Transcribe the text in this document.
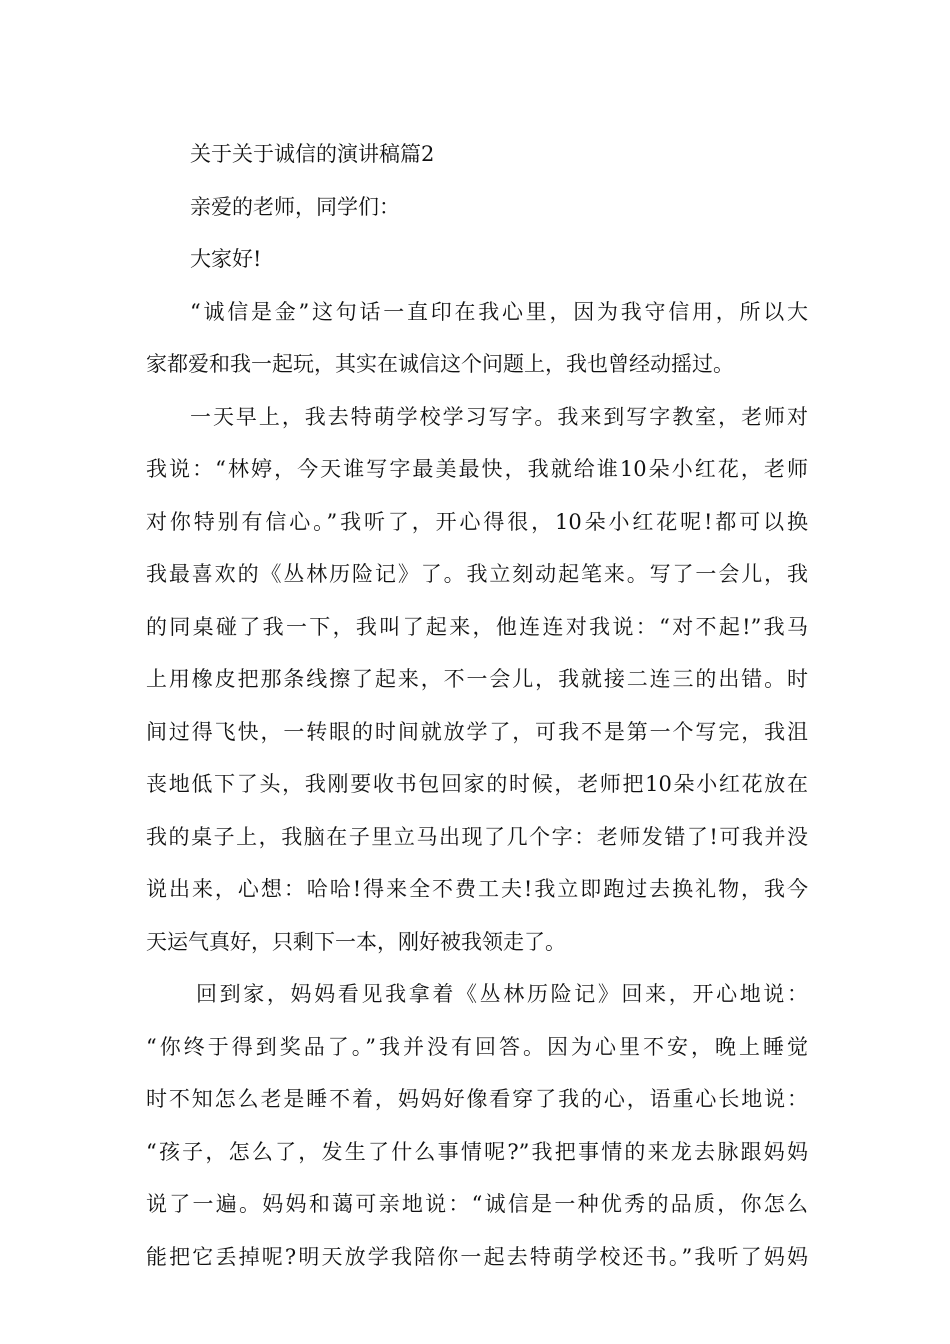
关于关于诚信的演讲稿篇2
亲爱的老师，同学们：
大家好!
“诚信是金”这句话一直印在我心里，因为我守信用，所以大
家都爱和我一起玩，其实在诚信这个问题上，我也曾经动摇过。
一天早上，我去特萌学校学习写字。我来到写字教室，老师对
我说：“林婷，今天谁写字最美最快，我就给谁10朵小红花，老师
对你特别有信心。”我听了，开心得很，10朵小红花呢!都可以换
我最喜欢的《丛林历险记》了。我立刻动起笔来。写了一会儿，我
的同桌碰了我一下，我叫了起来，他连连对我说：“对不起!”我马
上用橡皮把那条线擦了起来，不一会儿，我就接二连三的出错。时
间过得飞快，一转眼的时间就放学了，可我不是第一个写完，我沮
丧地低下了头，我刚要收书包回家的时候，老师把10朵小红花放在
我的桌子上，我脑在子里立马出现了几个字：老师发错了!可我并没
说出来，心想：哈哈!得来全不费工夫!我立即跑过去换礼物，我今
天运气真好，只剩下一本，刚好被我领走了。
回到家，妈妈看见我拿着《丛林历险记》回来，开心地说：
“你终于得到奖品了。”我并没有回答。因为心里不安，晚上睡觉
时不知怎么老是睡不着，妈妈好像看穿了我的心，语重心长地说：
“孩子，怎么了，发生了什么事情呢?”我把事情的来龙去脉跟妈妈
说了一遍。妈妈和蔼可亲地说：“诚信是一种优秀的品质，你怎么
能把它丢掉呢?明天放学我陪你一起去特萌学校还书。”我听了妈妈
